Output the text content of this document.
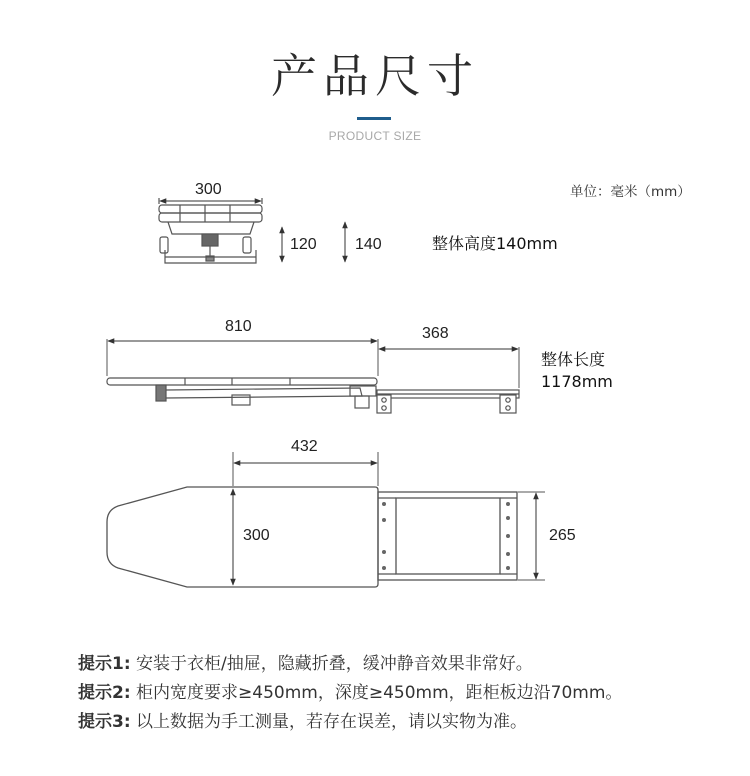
产品尺寸
PRODUCT SIZE
单位：毫米（mm）
300
120 140	整体高度140mm
810	368
整体长度
1178mm
432
300	265
提示1: 安装于衣柜/抽屉，隐藏折叠，缓冲静音效果非常好。
提示2: 柜内宽度要求≥450mm，深度≥450mm，距柜板边沿70mm。
提示3: 以上数据为手工测量，若存在误差，请以实物为准。
